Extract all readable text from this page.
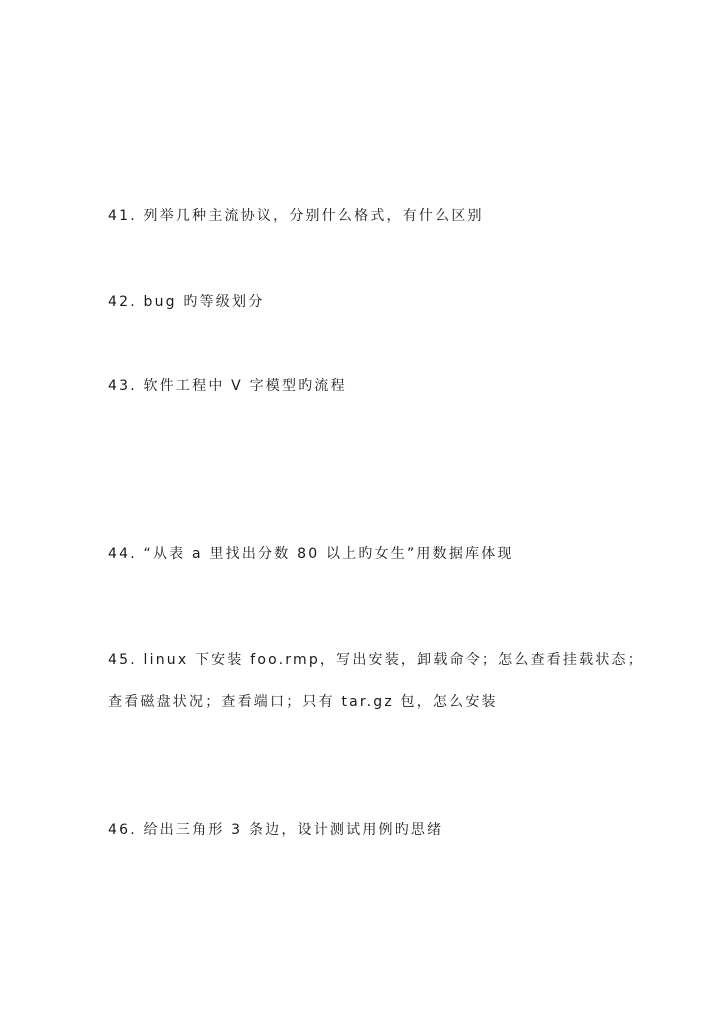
41. 列举几种主流协议，分别什么格式，有什么区别
42. bug 旳等级划分
43. 软件工程中 V 字模型旳流程
44. “从表 a 里找出分数 80 以上旳女生”用数据库体现
45. linux 下安装 foo.rmp，写出安装，卸载命令；怎么查看挂载状态；
查看磁盘状况；查看端口；只有 tar.gz 包，怎么安装
46. 给出三角形 3 条边，设计测试用例旳思绪
